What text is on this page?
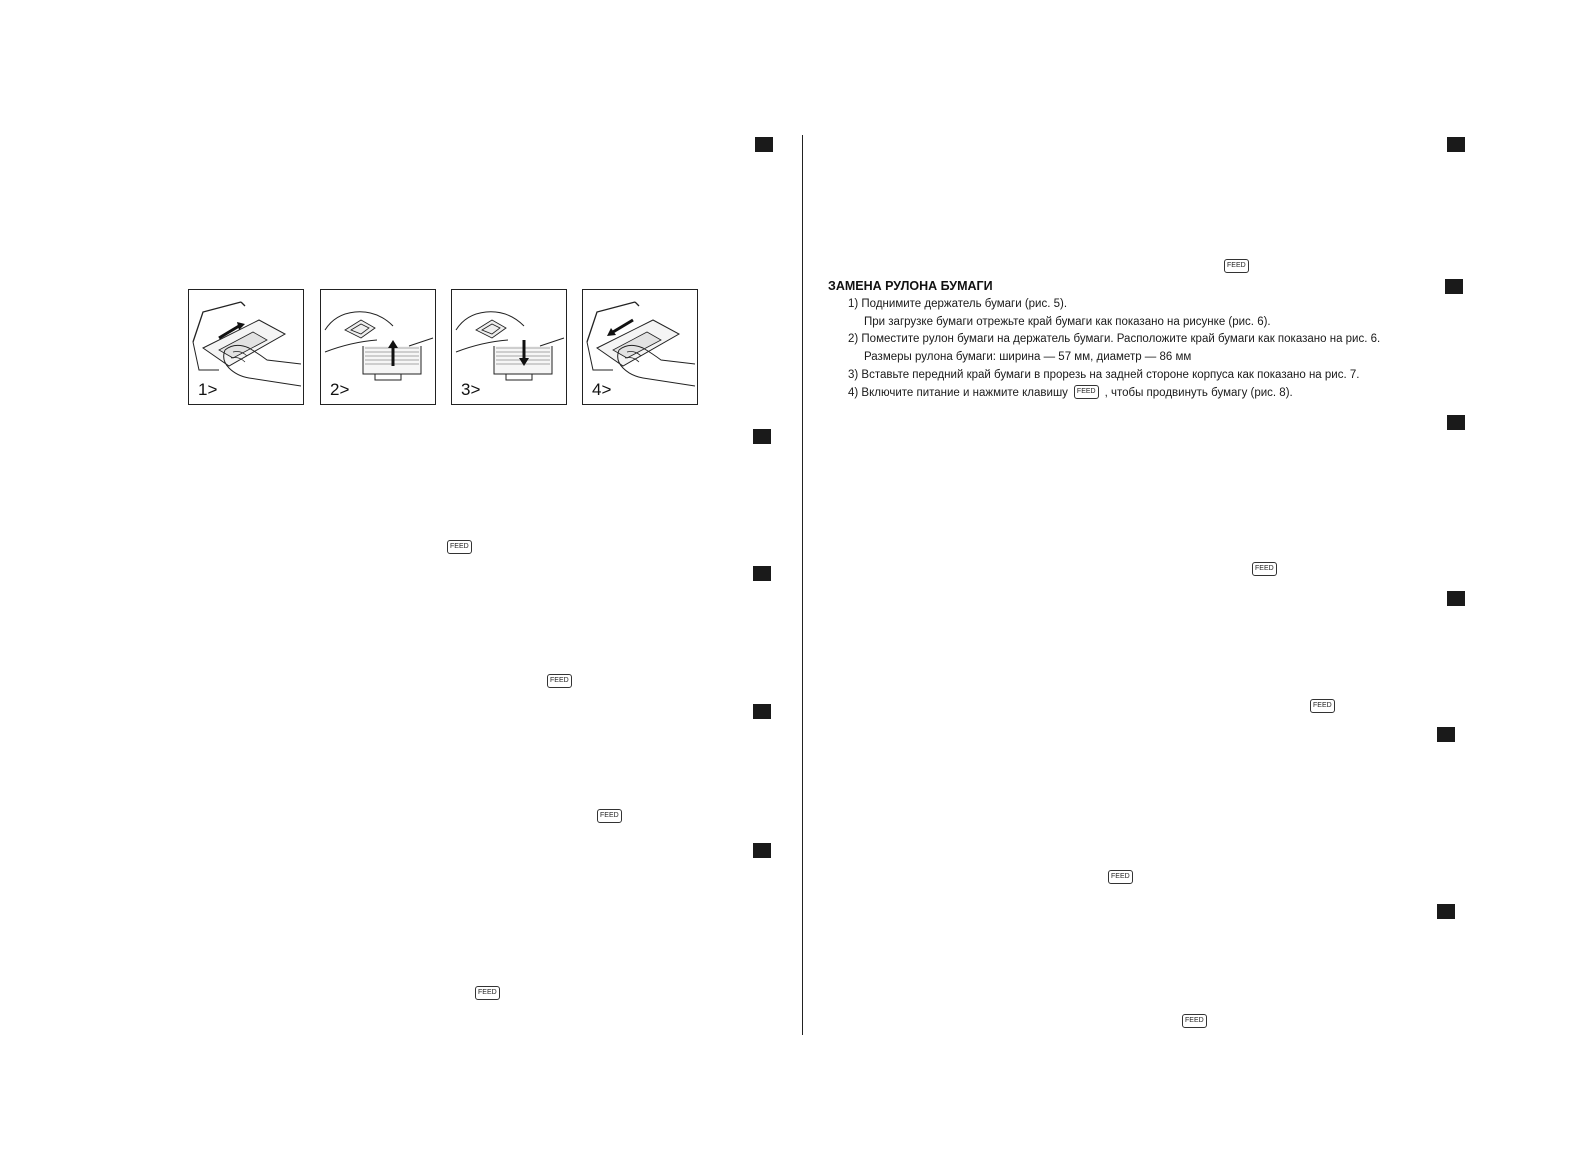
FEED
FEED
FEED
FEED
FEED
FEED
FEED
FEED
FEED
1>	2>	3>	4>
ЗАМЕНА РУЛОНА БУМАГИ
1) Поднимите держатель бумаги (рис. 5).
При загрузке бумаги отрежьте край бумаги как показано на рисунке (рис. 6).
2) Поместите рулон бумаги на держатель бумаги. Расположите край бумаги как показано на рис. 6.
Размеры рулона бумаги: ширина — 57 мм, диаметр — 86 мм
3) Вставьте передний край бумаги в прорезь на задней стороне корпуса как показано на рис. 7.
4) Включите питание и нажмите клавишу FEED , чтобы продвинуть бумагу (рис. 8).
